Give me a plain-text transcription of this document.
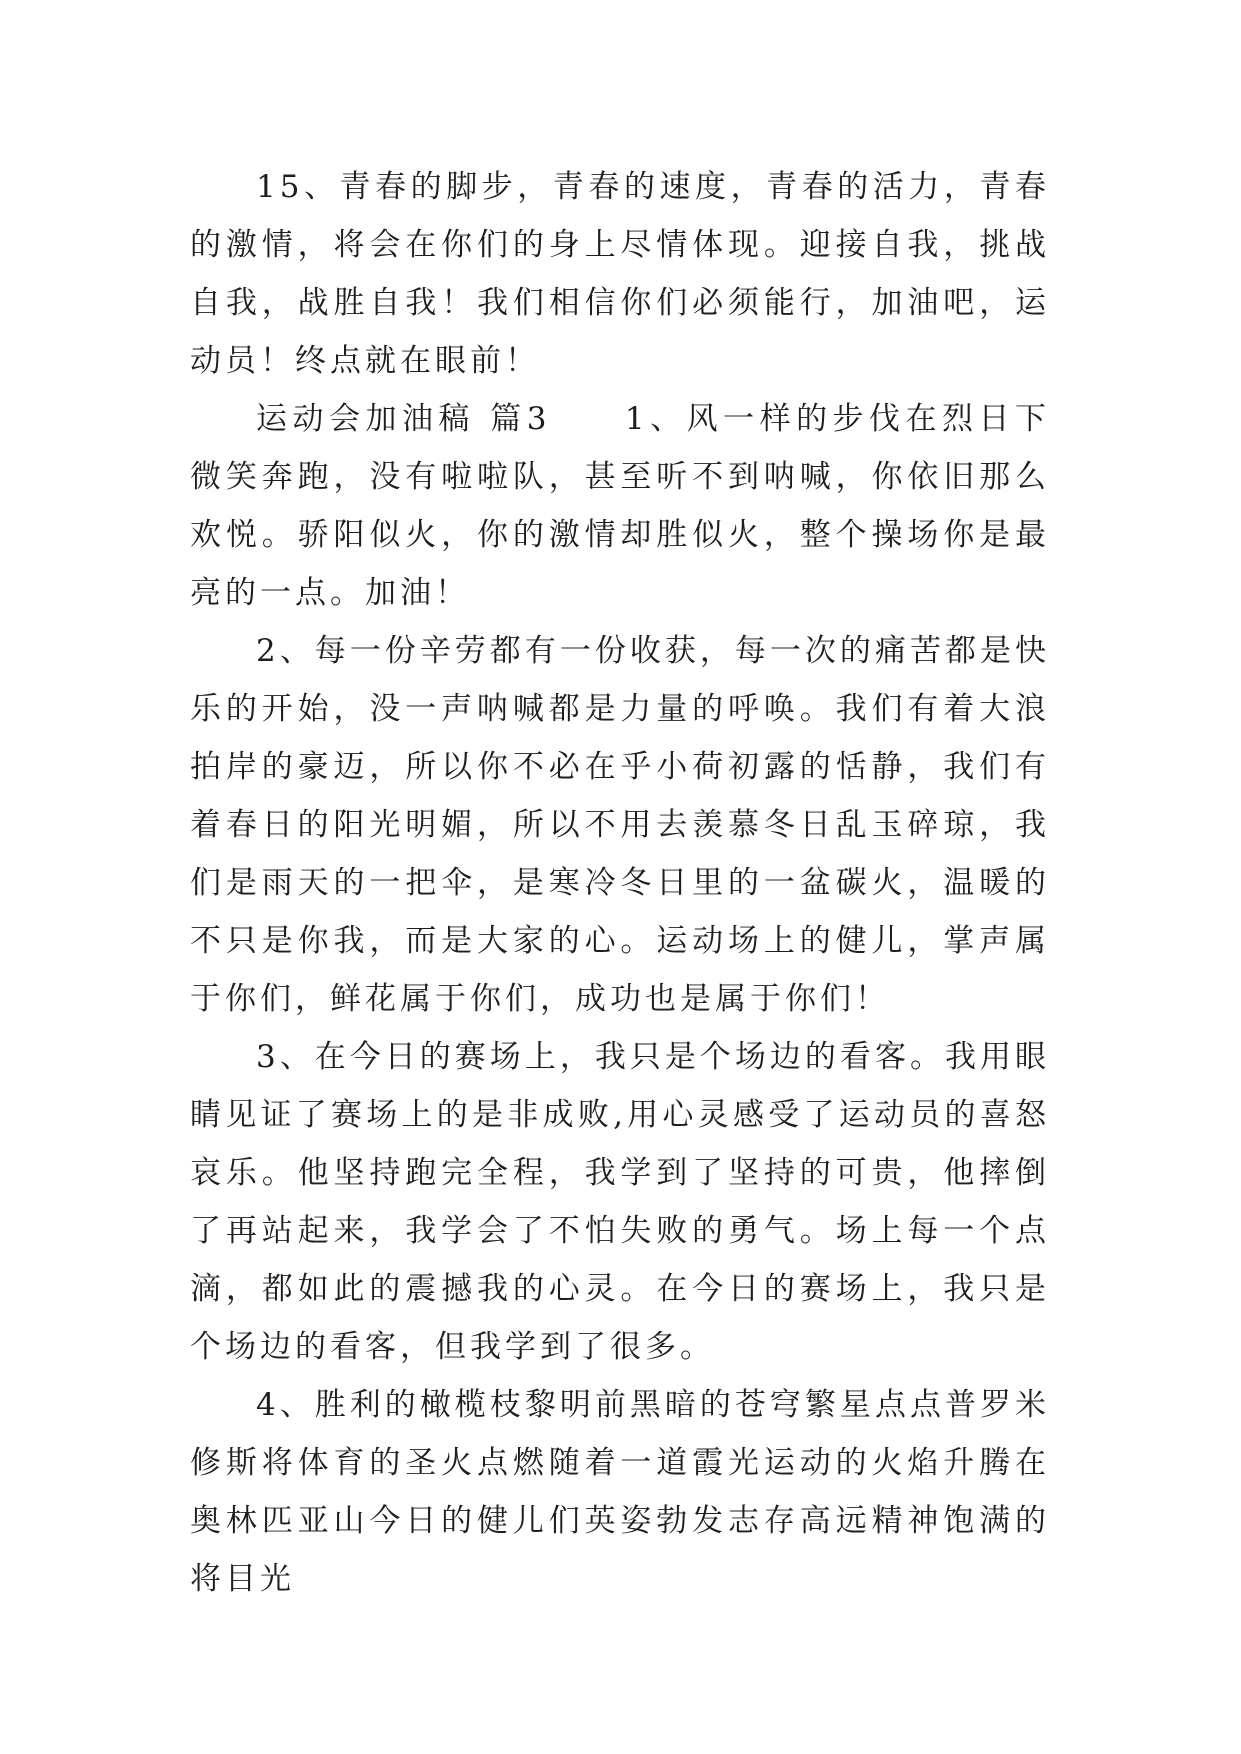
15、青春的脚步，青春的速度，青春的活力，青春的激情，将会在你们的身上尽情体现。迎接自我，挑战自我，战胜自我！我们相信你们必须能行，加油吧，运动员！终点就在眼前！

运动会加油稿 篇3　　1、风一样的步伐在烈日下微笑奔跑，没有啦啦队，甚至听不到呐喊，你依旧那么欢悦。骄阳似火，你的激情却胜似火，整个操场你是最亮的一点。加油！

2、每一份辛劳都有一份收获，每一次的痛苦都是快乐的开始，没一声呐喊都是力量的呼唤。我们有着大浪拍岸的豪迈，所以你不必在乎小荷初露的恬静，我们有着春日的阳光明媚，所以不用去羡慕冬日乱玉碎琼，我们是雨天的一把伞，是寒冷冬日里的一盆碳火，温暖的不只是你我，而是大家的心。运动场上的健儿，掌声属于你们，鲜花属于你们，成功也是属于你们！

3、在今日的赛场上，我只是个场边的看客。我用眼睛见证了赛场上的是非成败,用心灵感受了运动员的喜怒哀乐。他坚持跑完全程，我学到了坚持的可贵，他摔倒了再站起来，我学会了不怕失败的勇气。场上每一个点滴，都如此的震撼我的心灵。在今日的赛场上，我只是个场边的看客，但我学到了很多。

4、胜利的橄榄枝黎明前黑暗的苍穹繁星点点普罗米修斯将体育的圣火点燃随着一道霞光运动的火焰升腾在奥林匹亚山今日的健儿们英姿勃发志存高远精神饱满的将目光
